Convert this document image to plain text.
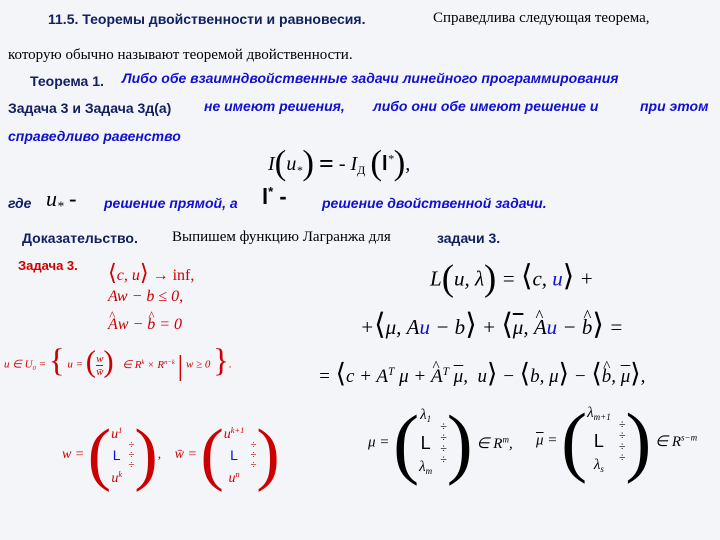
11.5. Теоремы двойственности и равновесия.	Справедлива следующая теорема,
которую обычно называют теоремой двойственности.
Теорема 1. Либо обе взаимндвойственные задачи линейного программирования
Задача 3 и Задача 3д(а) не имеют решения, либо они обе имеют решение и	при этом
справедливо равенство
$I(u_*)$ = - $I_Д$ (l*),
где $u_*$ - решение прямой, а l* -	решение двойственной задачи.
Доказательство. Выпишем функцию Лагранжа для	задачи 3.
Задача 3. ⟨c, u⟩ → inf,
Aw − b ≤ 0,
^ Aw − ^ b = 0
u ∈ $U_0$ = { u = ( $\frac{w}{w̄}$ ) ∈ $R^k \times R^{n-k}$ | w ≥ 0 }.
w = ( $u^1$
L
$u^k$
÷
÷
÷ ), w̄ = ( $u^{k+1}$
L
$u^n$
÷
÷
÷ )
L(u, λ) = ⟨c, u⟩ +
+⟨μ, Au − b⟩ + $⟨\overline{\mu}$, ^ Au − ^ b⟩ =
= ⟨c + $A^T$ μ + ^ $A^T$ $\overline{\mu}$,  u⟩ − ⟨b, μ⟩ − ⟨^ b, $\overline{\mu}⟩$,
μ = ( $\lambda_1$
L
$\lambda_m$
÷
÷
÷
÷ ) ∈ $R^m$, $\overline{\mu}$ = ( $\lambda_{m+1}$
L
$\lambda_s$
÷
÷
÷
÷ ) ∈ $R^{s-m}$
